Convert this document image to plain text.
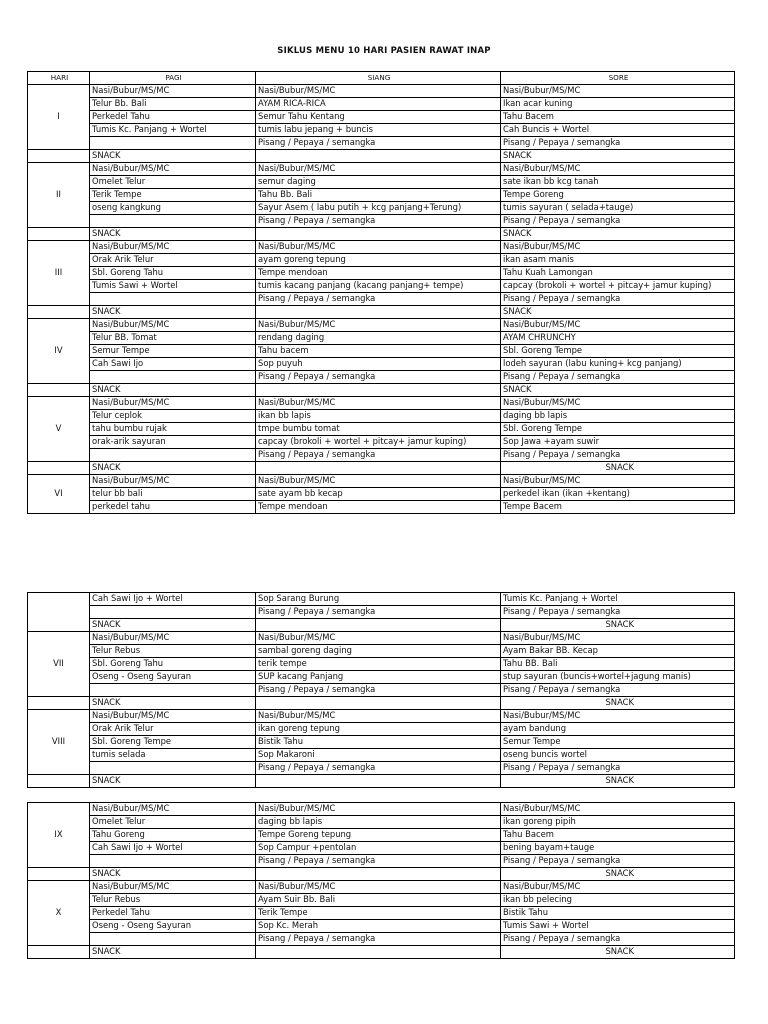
SIKLUS MENU 10 HARI PASIEN RAWAT INAP
HARI	PAGI	SIANG	SORE
I	Nasi/Bubur/MS/MC	Nasi/Bubur/MS/MC	Nasi/Bubur/MS/MC
	Telur Bb. Bali	AYAM RICA-RICA	Ikan acar kuning
	Perkedel Tahu	Semur Tahu Kentang	Tahu Bacem
	Tumis Kc. Panjang + Wortel	tumis labu jepang + buncis	Cah Buncis + Wortel
		Pisang / Pepaya / semangka	Pisang / Pepaya / semangka
	SNACK		SNACK
II	Nasi/Bubur/MS/MC	Nasi/Bubur/MS/MC	Nasi/Bubur/MS/MC
	Omelet Telur	semur daging	sate ikan bb kcg tanah
	Terik Tempe	Tahu Bb. Bali	Tempe Goreng
	oseng kangkung	Sayur Asem ( labu putih + kcg panjang+Terung)	tumis sayuran ( selada+tauge)
		Pisang / Pepaya / semangka	Pisang / Pepaya / semangka
	SNACK		SNACK
III	Nasi/Bubur/MS/MC	Nasi/Bubur/MS/MC	Nasi/Bubur/MS/MC
	Orak Arik Telur	ayam goreng tepung	ikan asam manis
	Sbl. Goreng Tahu	Tempe mendoan	Tahu Kuah Lamongan
	Tumis Sawi + Wortel	tumis kacang panjang (kacang panjang+ tempe)	capcay (brokoli + wortel + pitcay+ jamur kuping)
		Pisang / Pepaya / semangka	Pisang / Pepaya / semangka
	SNACK		SNACK
IV	Nasi/Bubur/MS/MC	Nasi/Bubur/MS/MC	Nasi/Bubur/MS/MC
	Telur BB. Tomat	rendang daging	AYAM CHRUNCHY
	Semur Tempe	Tahu bacem	Sbl. Goreng Tempe
	Cah Sawi Ijo	Sop puyuh	lodeh sayuran (labu kuning+ kcg panjang)
		Pisang / Pepaya / semangka	Pisang / Pepaya / semangka
	SNACK		SNACK
V	Nasi/Bubur/MS/MC	Nasi/Bubur/MS/MC	Nasi/Bubur/MS/MC
	Telur ceplok	ikan bb lapis	daging bb lapis
	tahu bumbu rujak	tmpe bumbu tomat	Sbl. Goreng Tempe
	orak-arik sayuran	capcay (brokoli + wortel + pitcay+ jamur kuping)	Sop Jawa +ayam suwir
		Pisang / Pepaya / semangka	Pisang / Pepaya / semangka
	SNACK		SNACK
VI	Nasi/Bubur/MS/MC	Nasi/Bubur/MS/MC	Nasi/Bubur/MS/MC
	telur bb bali	sate ayam bb kecap	perkedel ikan (ikan +kentang)
	perkedel tahu	Tempe mendoan	Tempe Bacem
	Cah Sawi Ijo + Wortel	Sop Sarang Burung	Tumis Kc. Panjang + Wortel
		Pisang / Pepaya / semangka	Pisang / Pepaya / semangka
	SNACK		SNACK
VII	Nasi/Bubur/MS/MC	Nasi/Bubur/MS/MC	Nasi/Bubur/MS/MC
	Telur Rebus	sambal goreng daging	Ayam Bakar BB. Kecap
	Sbl. Goreng Tahu	terik tempe	Tahu BB. Bali
	Oseng - Oseng Sayuran	SUP kacang Panjang	stup sayuran (buncis+wortel+jagung manis)
		Pisang / Pepaya / semangka	Pisang / Pepaya / semangka
	SNACK		SNACK
VIII	Nasi/Bubur/MS/MC	Nasi/Bubur/MS/MC	Nasi/Bubur/MS/MC
	Orak Arik Telur	ikan goreng tepung	ayam bandung
	Sbl. Goreng Tempe	Bistik Tahu	Semur Tempe
	tumis selada	Sop Makaroni	oseng buncis wortel
		Pisang / Pepaya / semangka	Pisang / Pepaya / semangka
	SNACK		SNACK
IX	Nasi/Bubur/MS/MC	Nasi/Bubur/MS/MC	Nasi/Bubur/MS/MC
	Omelet Telur	daging bb lapis	ikan goreng pipih
	Tahu Goreng	Tempe Goreng tepung	Tahu Bacem
	Cah Sawi Ijo + Wortel	Sop Campur +pentolan	bening bayam+tauge
		Pisang / Pepaya / semangka	Pisang / Pepaya / semangka
	SNACK		SNACK
X	Nasi/Bubur/MS/MC	Nasi/Bubur/MS/MC	Nasi/Bubur/MS/MC
	Telur Rebus	Ayam Suir Bb. Bali	ikan bb pelecing
	Perkedel Tahu	Terik Tempe	Bistik Tahu
	Oseng - Oseng Sayuran	Sop Kc. Merah	Tumis Sawi + Wortel
		Pisang / Pepaya / semangka	Pisang / Pepaya / semangka
	SNACK		SNACK
